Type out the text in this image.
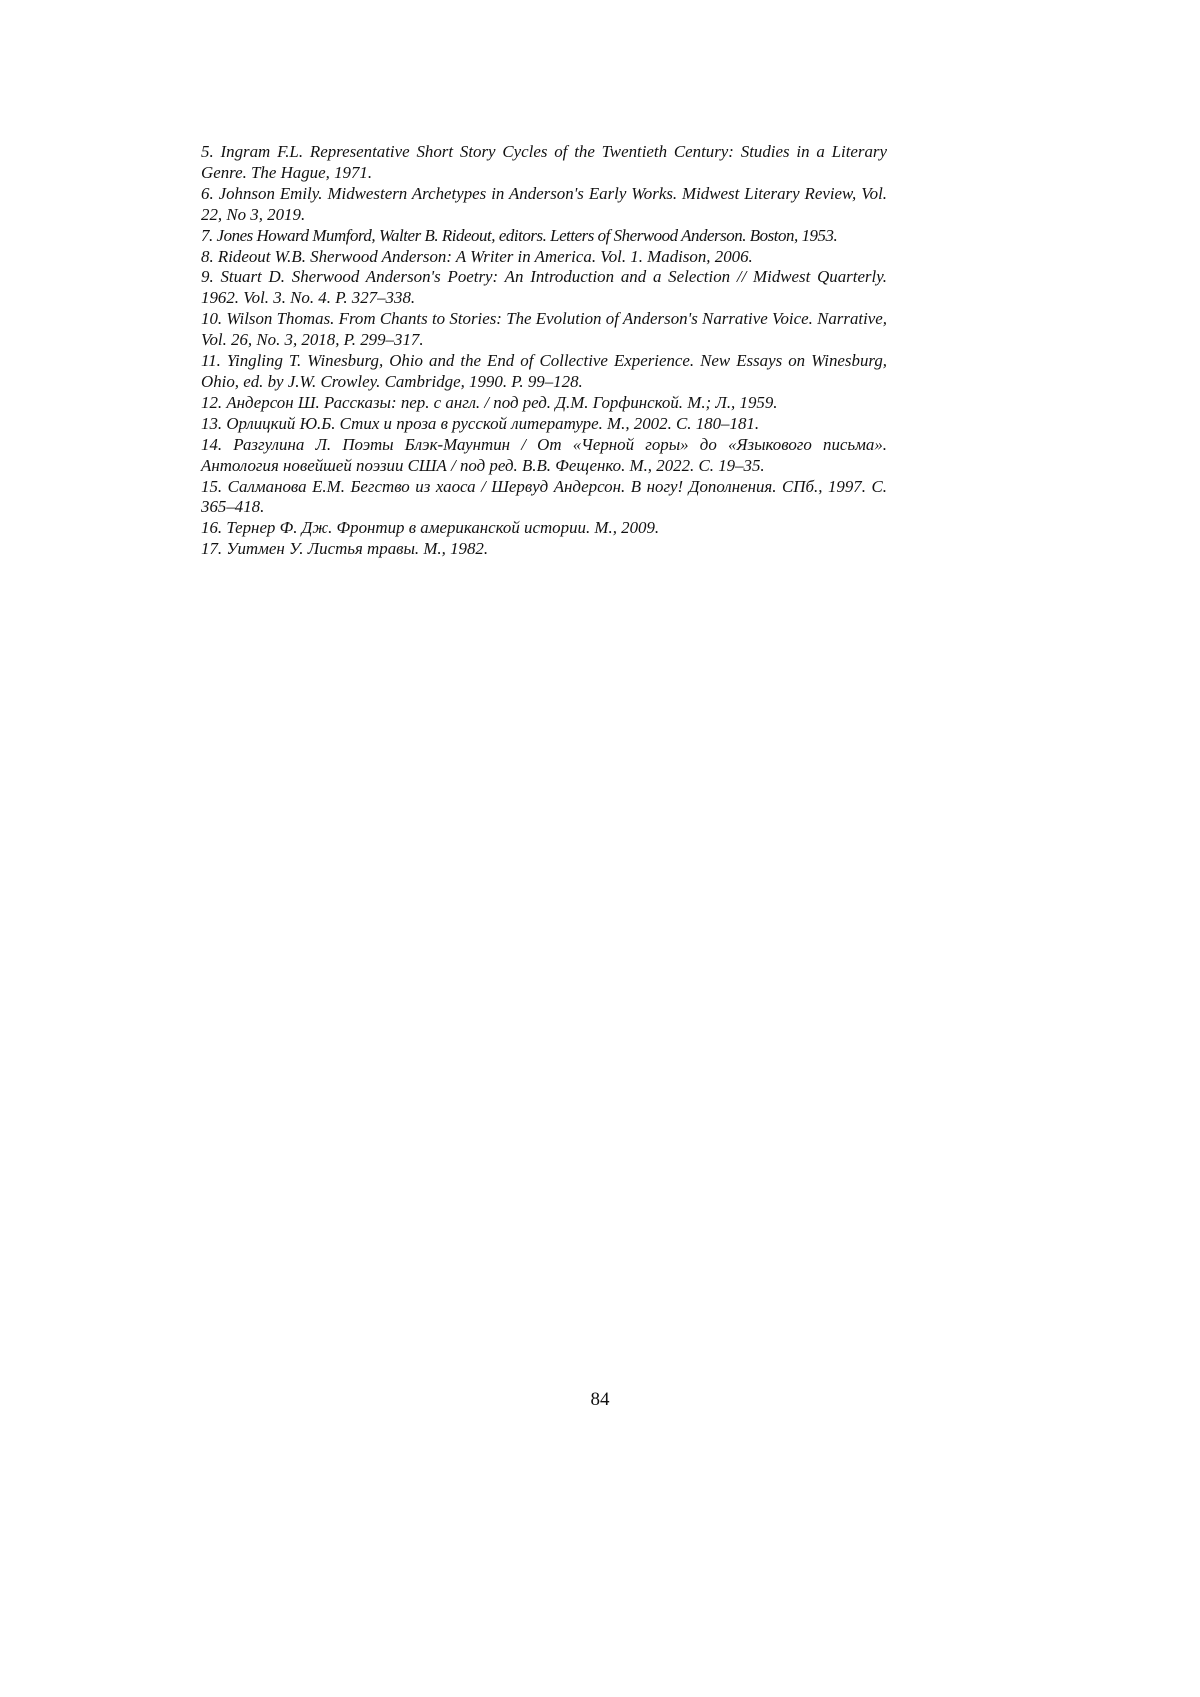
5. Ingram F.L. Representative Short Story Cycles of the Twentieth Century: Studies in a Literary Genre. The Hague, 1971.
6. Johnson Emily. Midwestern Archetypes in Anderson's Early Works. Midwest Literary Review, Vol. 22, No 3, 2019.
7. Jones Howard Mumford, Walter B. Rideout, editors. Letters of Sherwood Anderson. Boston, 1953.
8. Rideout W.B. Sherwood Anderson: A Writer in America. Vol. 1. Madison, 2006.
9. Stuart D. Sherwood Anderson's Poetry: An Introduction and a Selection // Midwest Quarterly. 1962. Vol. 3. No. 4. P. 327–338.
10. Wilson Thomas. From Chants to Stories: The Evolution of Anderson's Narrative Voice. Narrative, Vol. 26, No. 3, 2018, P. 299–317.
11. Yingling T. Winesburg, Ohio and the End of Collective Experience. New Essays on Winesburg, Ohio, ed. by J.W. Crowley. Cambridge, 1990. P. 99–128.
12. Андерсон Ш. Рассказы: пер. с англ. / под ред. Д.М. Горфинской. М.; Л., 1959.
13. Орлицкий Ю.Б. Стих и проза в русской литературе. М., 2002. С. 180–181.
14. Разгулина Л. Поэты Блэк-Маунтин / От «Черной горы» до «Языкового письма». Антология новейшей поэзии США / под ред. В.В. Фещенко. М., 2022. С. 19–35.
15. Салманова Е.М. Бегство из хаоса / Шервуд Андерсон. В ногу! Дополнения. СПб., 1997. С. 365–418.
16. Тернер Ф. Дж. Фронтир в американской истории. М., 2009.
17. Уитмен У. Листья травы. М., 1982.
84
